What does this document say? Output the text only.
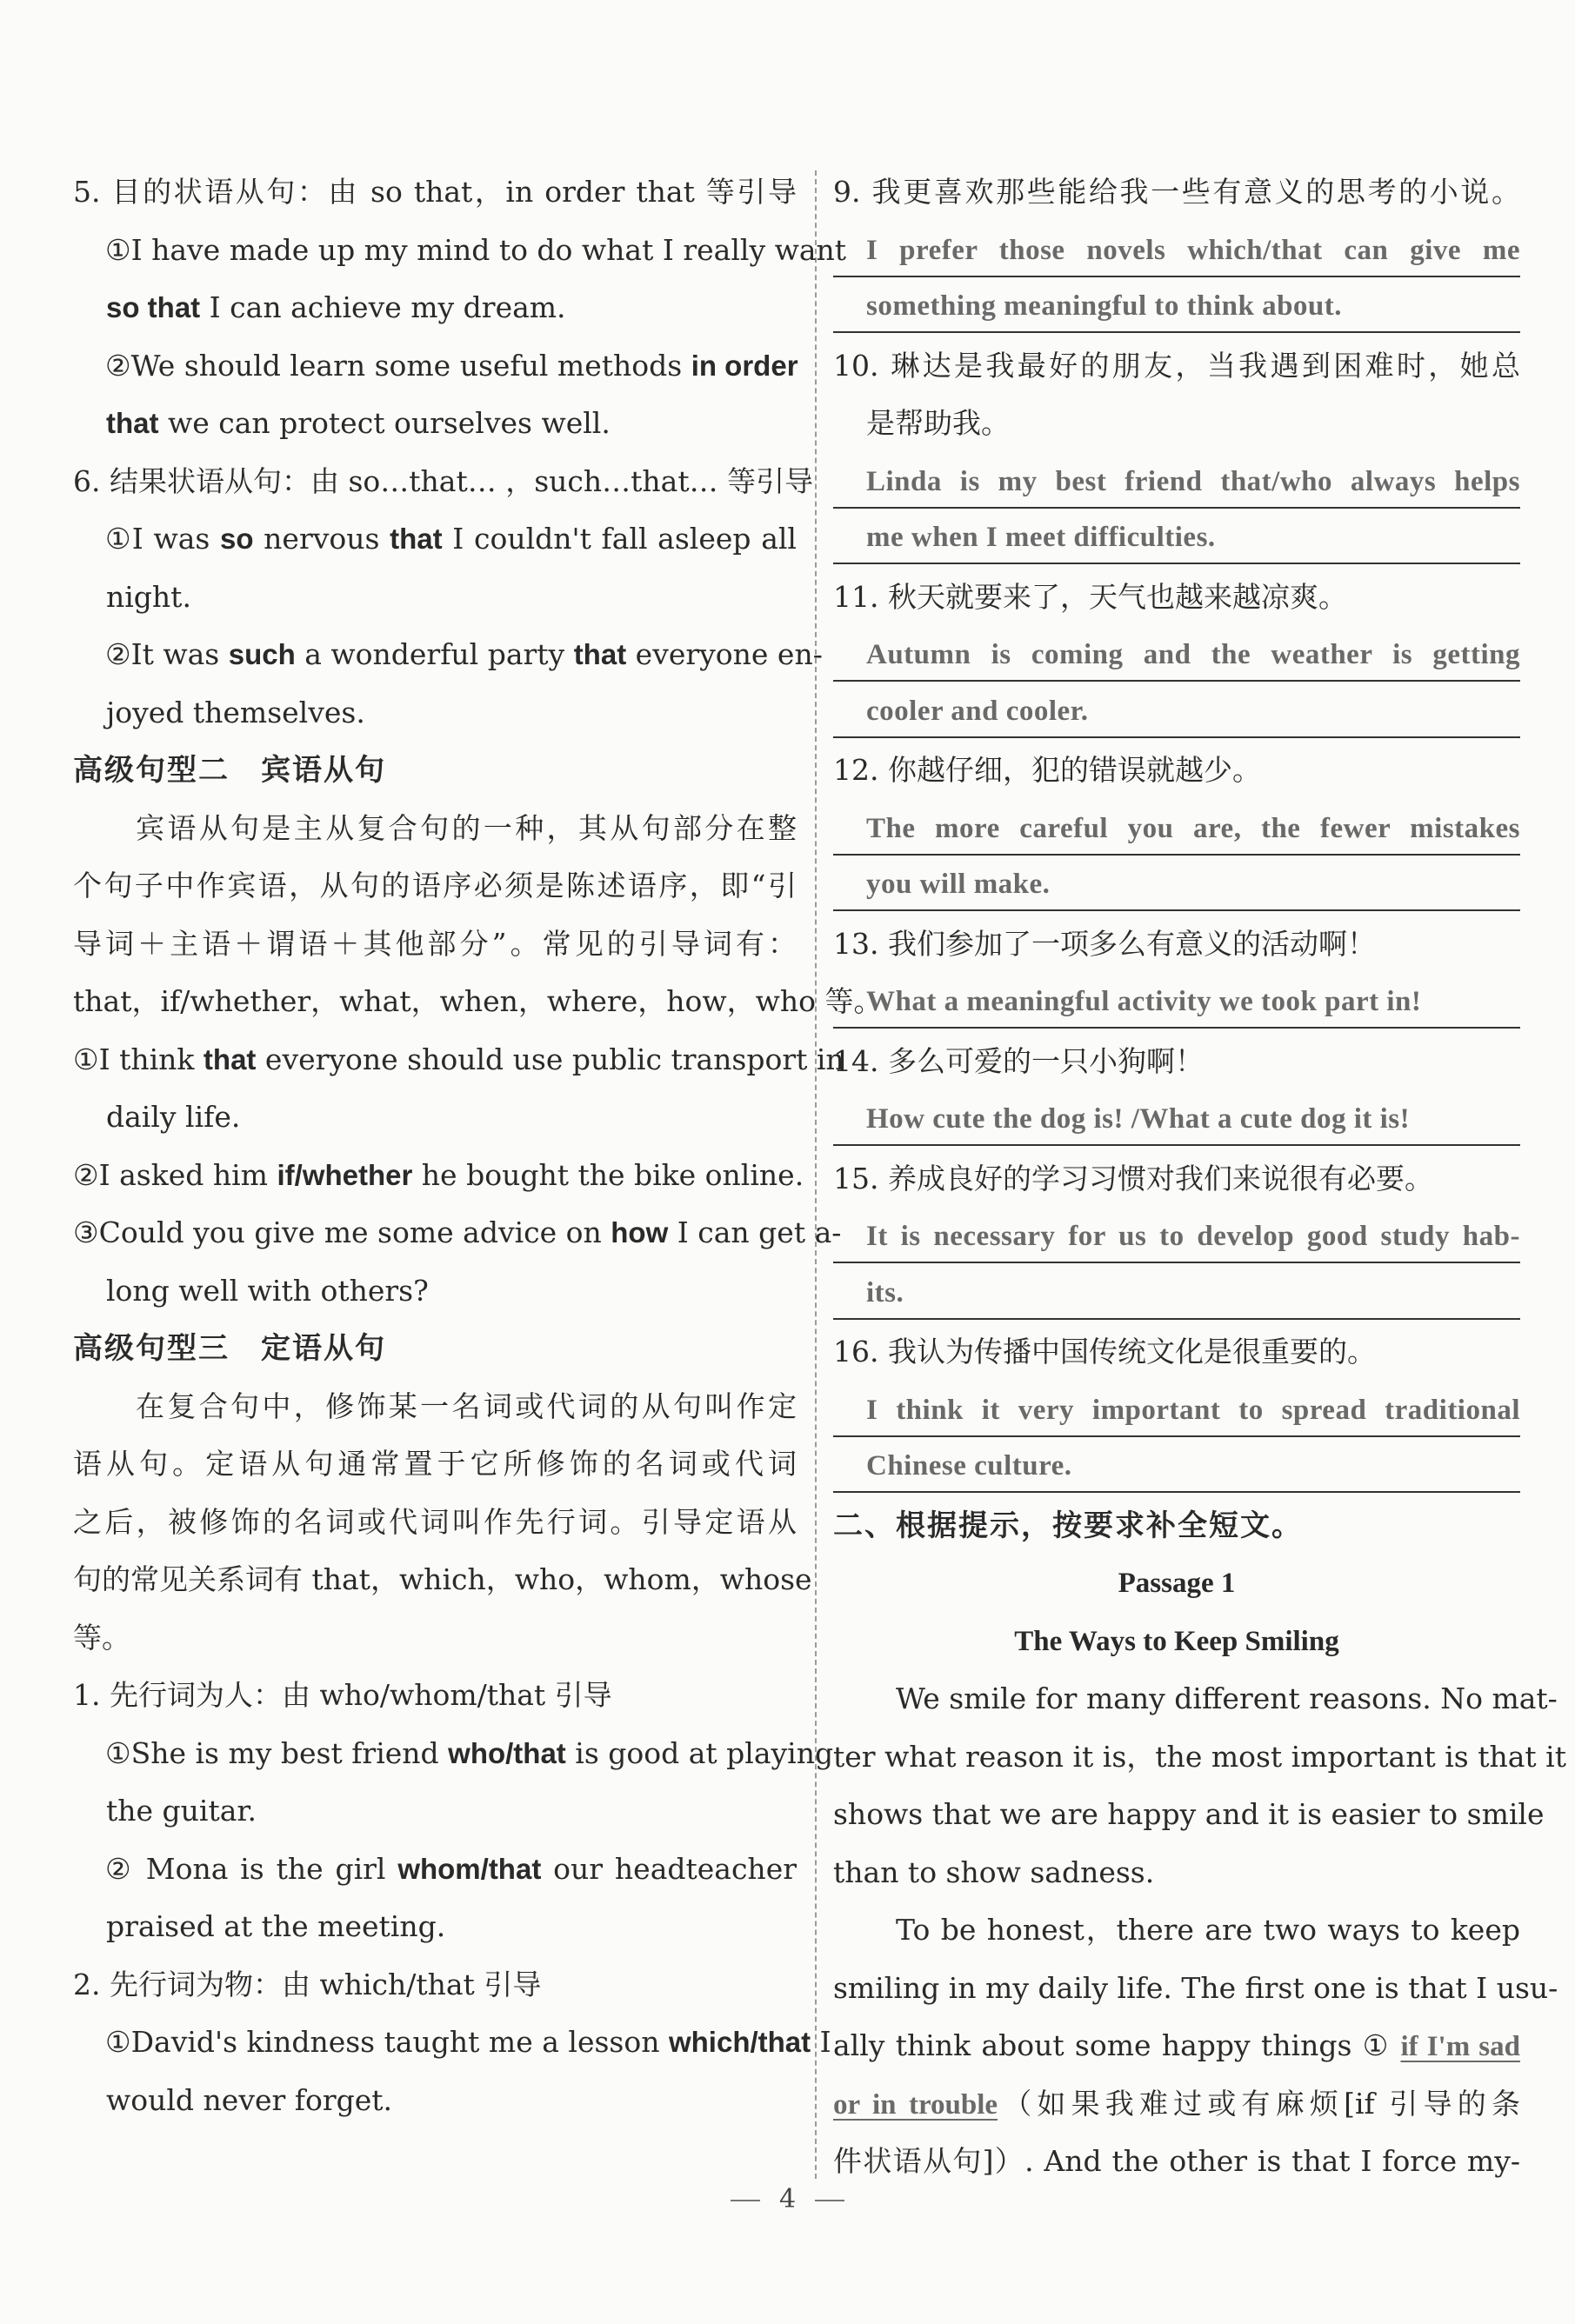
5. 目的状语从句：由 so that，in order that 等引导
①I have made up my mind to do what I really want
so that I can achieve my dream.
②We should learn some useful methods in order
that we can protect ourselves well.
6. 结果状语从句：由 so…that… ，such…that… 等引导
①I was so nervous that I couldn't fall asleep all
night.
②It was such a wonderful party that everyone en-
joyed themselves.
高级句型二　宾语从句
宾语从句是主从复合句的一种，其从句部分在整
个句子中作宾语，从句的语序必须是陈述语序，即“引
导词＋主语＋谓语＋其他部分”。常见的引导词有：
that，if/whether，what，when，where，how，who 等。
①I think that everyone should use public transport in
daily life.
②I asked him if/whether he bought the bike online.
③Could you give me some advice on how I can get a-
long well with others?
高级句型三　定语从句
在复合句中，修饰某一名词或代词的从句叫作定
语从句。定语从句通常置于它所修饰的名词或代词
之后，被修饰的名词或代词叫作先行词。引导定语从
句的常见关系词有 that，which，who，whom，whose
等。
1. 先行词为人：由 who/whom/that 引导
①She is my best friend who/that is good at playing
the guitar.
② Mona is the girl whom/that our headteacher
praised at the meeting.
2. 先行词为物：由 which/that 引导
①David's kindness taught me a lesson which/that I
would never forget.
9. 我更喜欢那些能给我一些有意义的思考的小说。
I prefer those novels which/that can give me
something meaningful to think about.
10. 琳达是我最好的朋友，当我遇到困难时，她总
是帮助我。
Linda is my best friend that/who always helps
me when I meet difficulties.
11. 秋天就要来了，天气也越来越凉爽。
Autumn is coming and the weather is getting
cooler and cooler.
12. 你越仔细，犯的错误就越少。
The more careful you are, the fewer mistakes
you will make.
13. 我们参加了一项多么有意义的活动啊！
What a meaningful activity we took part in!
14. 多么可爱的一只小狗啊！
How cute the dog is! /What a cute dog it is!
15. 养成良好的学习习惯对我们来说很有必要。
It is necessary for us to develop good study hab-
its.
16. 我认为传播中国传统文化是很重要的。
I think it very important to spread traditional
Chinese culture.
二、根据提示，按要求补全短文。
Passage 1
The Ways to Keep Smiling
We smile for many different reasons. No mat-
ter what reason it is，the most important is that it
shows that we are happy and it is easier to smile
than to show sadness.
To be honest，there are two ways to keep
smiling in my daily life. The first one is that I usu-
ally think about some happy things ① if I'm sad
or in trouble（如果我难过或有麻烦[if 引导的条
件状语从句]）. And the other is that I force my-
4
